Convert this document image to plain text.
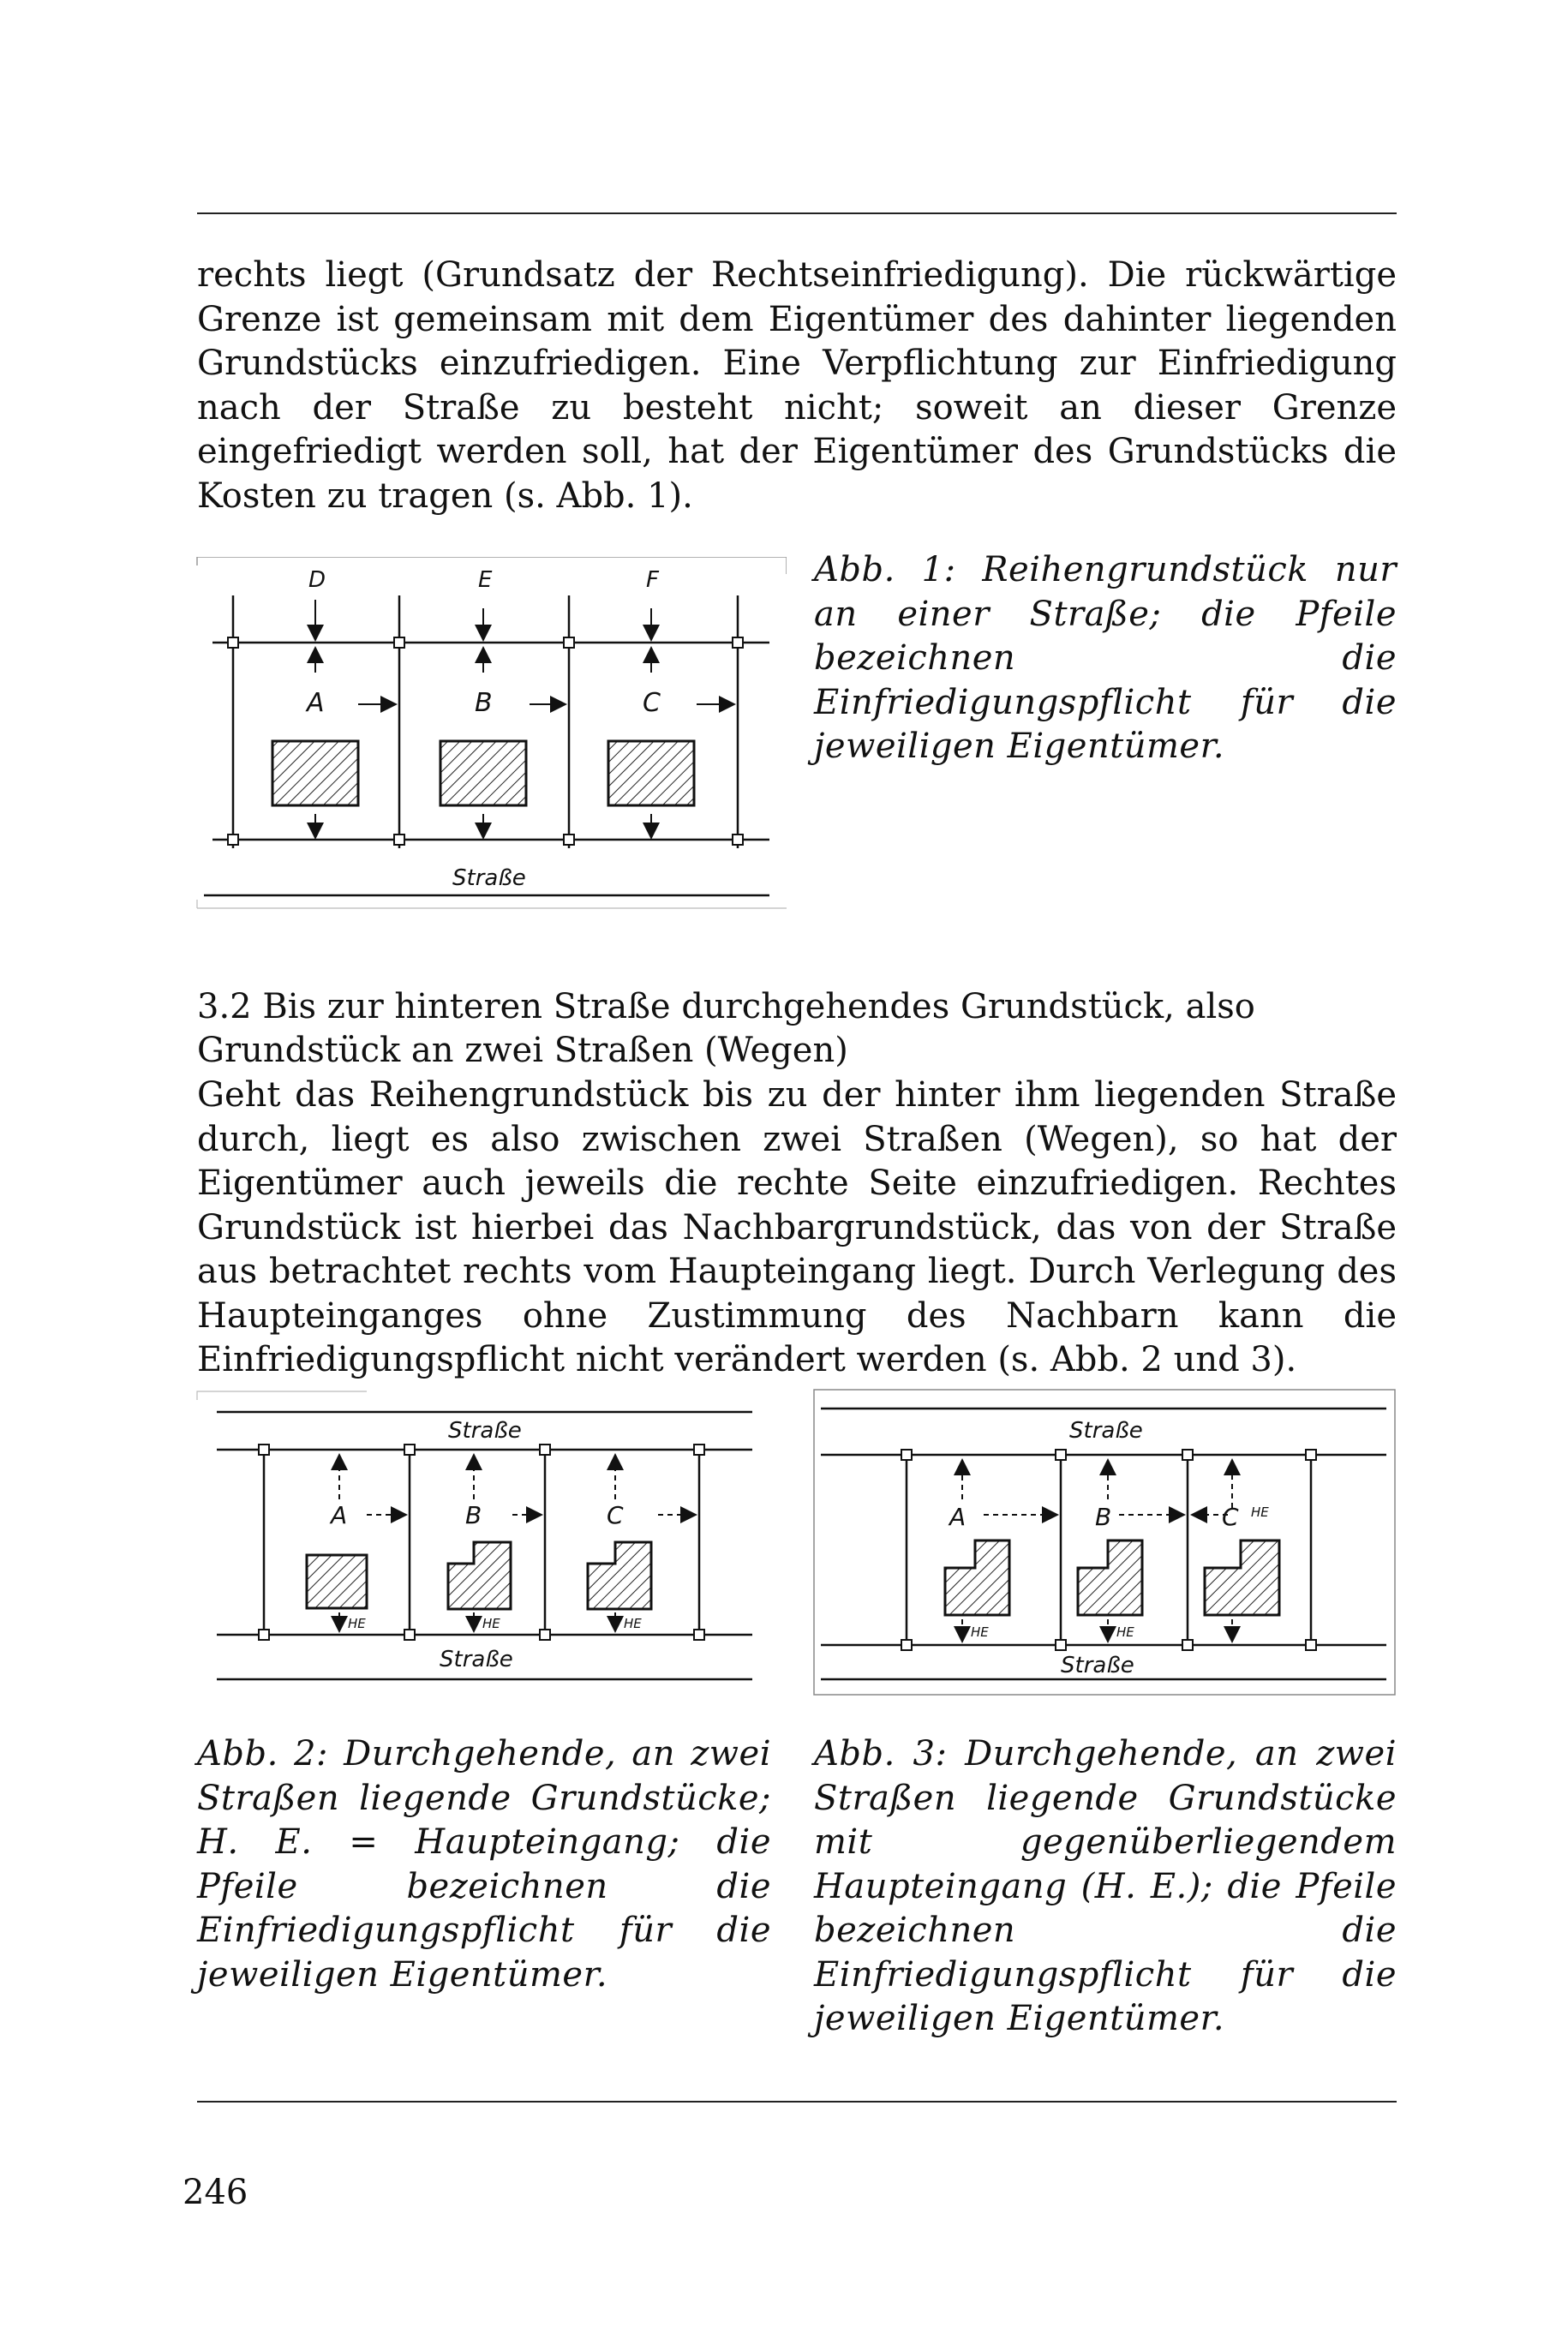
rechts liegt (Grundsatz der Rechtseinfriedigung). Die rückwärtige Grenze ist gemeinsam mit dem Eigentümer des dahinter liegenden Grundstücks einzufriedigen. Eine Verpflichtung zur Einfriedigung nach der Straße zu besteht nicht; soweit an dieser Grenze eingefriedigt werden soll, hat der Eigentümer des Grundstücks die Kosten zu tragen (s. Abb. 1).

D	E	F
A	B	C
Straße

Abb. 1: Reihengrundstück nur an einer Straße; die Pfeile bezeichnen die Einfriedigungspflicht für die jeweiligen Eigentümer.

3.2 Bis zur hinteren Straße durchgehendes Grundstück, also

Grundstück an zwei Straßen (Wegen)

Geht das Reihengrundstück bis zu der hinter ihm liegenden Straße durch, liegt es also zwischen zwei Straßen (Wegen), so hat der Eigentümer auch jeweils die rechte Seite einzufriedigen. Rechtes Grundstück ist hierbei das Nachbargrundstück, das von der Straße aus betrachtet rechts vom Haupteingang liegt. Durch Verlegung des Haupteinganges ohne Zustimmung des Nachbarn kann die Einfriedigungspflicht nicht verändert werden (s. Abb. 2 und 3).

Straße
A	B	C
HE	HE	HE
Straße
Straße
A	B	C
HE	HE
HE
Straße

Abb. 2: Durchgehende, an zwei Straßen liegende Grundstücke; H. E. = Haupteingang; die Pfeile bezeichnen die Einfriedigungspflicht für die jeweiligen Eigentümer.

Abb. 3: Durchgehende, an zwei Straßen liegende Grundstücke mit gegenüberliegendem Haupteingang (H. E.); die Pfeile bezeichnen die Einfriedigungspflicht für die jeweiligen Eigentümer.

246
